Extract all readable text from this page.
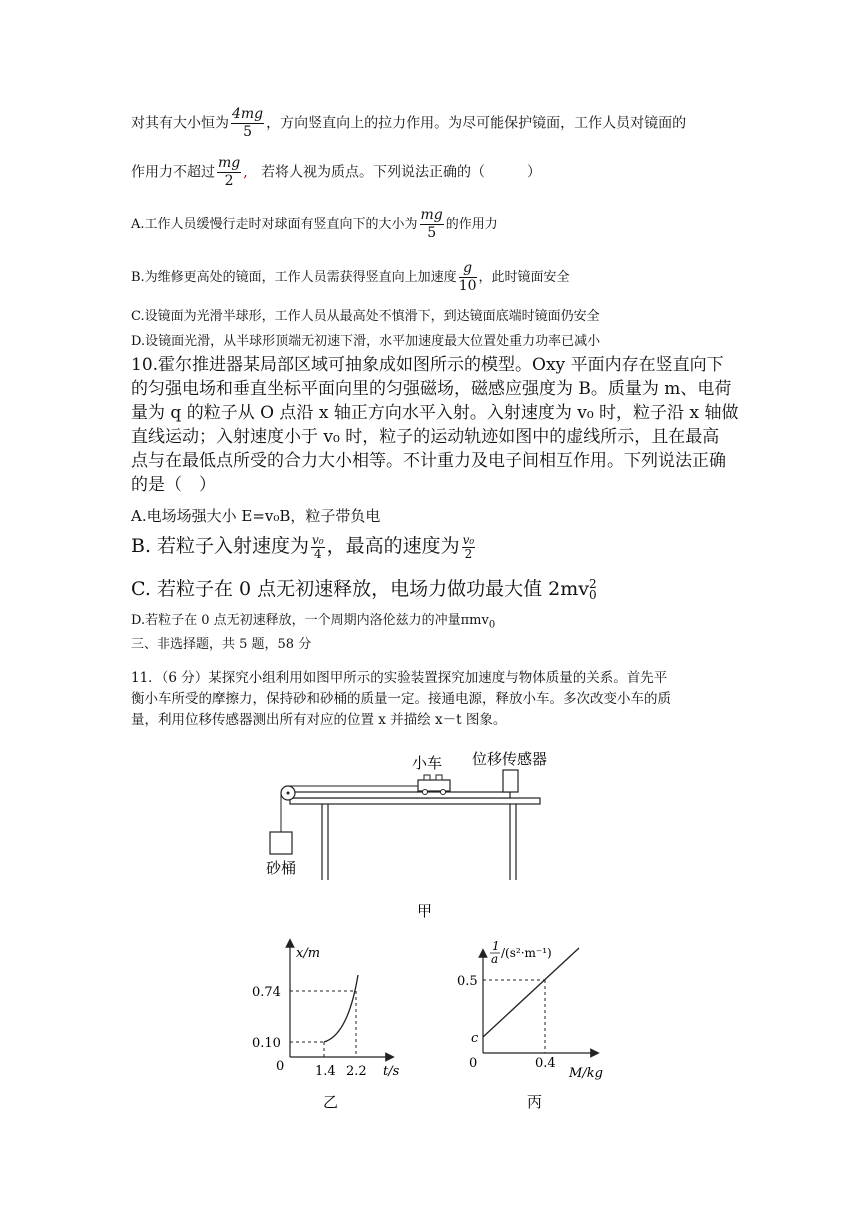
对其有大小恒为 $\frac{4mg}{5}$ ，方向竖直向上的拉力作用。为尽可能保护镜面，工作人员对镜面的
作用力不超过 $\frac{mg}{2}$ , 若将人视为质点。下列说法正确的（　　　）
A.工作人员缓慢行走时对球面有竖直向下的大小为 $\frac{mg}{5}$ 的作用力
B.为维修更高处的镜面，工作人员需获得竖直向上加速度 $\frac{g}{10}$ ，此时镜面安全
C.设镜面为光滑半球形，工作人员从最高处不慎滑下，到达镜面底端时镜面仍安全
D.设镜面光滑，从半球形顶端无初速下滑，水平加速度最大位置处重力功率已减小
10.霍尔推进器某局部区域可抽象成如图所示的模型。Oxy 平面内存在竖直向下
的匀强电场和垂直坐标平面向里的匀强磁场，磁感应强度为 B。质量为 m、电荷
量为 q 的粒子从 O 点沿 x 轴正方向水平入射。入射速度为 v₀ 时，粒子沿 x 轴做
直线运动；入射速度小于 v₀ 时，粒子的运动轨迹如图中的虚线所示，且在最高
点与在最低点所受的合力大小相等。不计重力及电子间相互作用。下列说法正确
的是（　）
A.电场场强大小 E=v₀B，粒子带负电
B. 若粒子入射速度为 $\frac{\text{v₀}}{4}$ ，最高的速度为 $\frac{\text{v₀}}{2}$
C. 若粒子在 0 点无初速释放，电场力做功最大值 2mv 2
0
D.若粒子在 0 点无初速释放，一个周期内洛伦兹力的冲量πmv$_0$
三、非选择题，共 5 题，58 分
11．（6 分）某探究小组利用如图甲所示的实验装置探究加速度与物体质量的关系。首先平
衡小车所受的摩擦力，保持砂和砂桶的质量一定。接通电源，释放小车。多次改变小车的质
量，利用位移传感器测出所有对应的位置 x 并描绘 x－t 图象。
小车 位移传感器
砂桶
甲
x/m
t/s
0
0.74
0.10
1.4 2.2
乙
1
a /(s²·m⁻¹)
M/kg
0
0.5
c
0.4
丙
